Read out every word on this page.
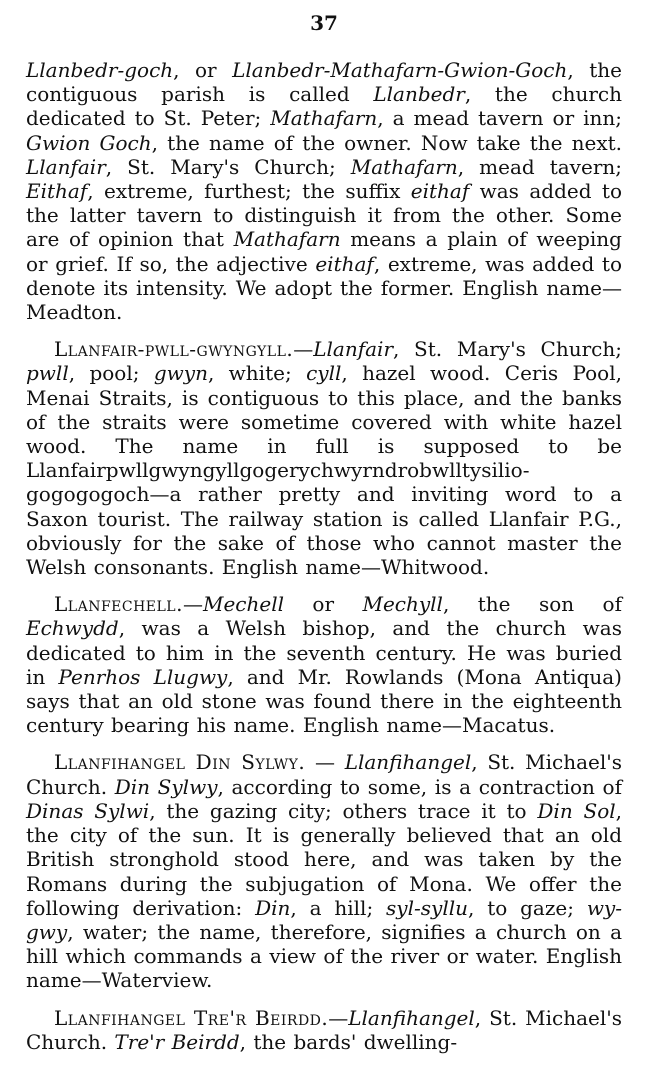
37

Llanbedr-goch, or Llanbedr-Mathafarn-Gwion-Goch, the contiguous parish is called Llanbedr, the church dedicated to St. Peter; Mathafarn, a mead tavern or inn; Gwion Goch, the name of the owner. Now take the next. Llanfair, St. Mary's Church; Mathafarn, mead tavern; Eithaf, extreme, furthest; the suffix eithaf was added to the latter tavern to distinguish it from the other. Some are of opinion that Mathafarn means a plain of weeping or grief. If so, the adjective eithaf, extreme, was added to denote its intensity. We adopt the former. English name—Meadton.

Llanfair-pwll-gwyngyll.—Llanfair, St. Mary's Church; pwll, pool; gwyn, white; cyll, hazel wood. Ceris Pool, Menai Straits, is contiguous to this place, and the banks of the straits were sometime covered with white hazel wood. The name in full is supposed to be Llanfairpwllgwyngyllgogerychwyrndrobwlltysiliogogogogoch—a rather pretty and inviting word to a Saxon tourist. The railway station is called Llanfair P.G., obviously for the sake of those who cannot master the Welsh consonants. English name—Whitwood.

Llanfechell.—Mechell or Mechyll, the son of Echwydd, was a Welsh bishop, and the church was dedicated to him in the seventh century. He was buried in Penrhos Llugwy, and Mr. Rowlands (Mona Antiqua) says that an old stone was found there in the eighteenth century bearing his name. English name—Macatus.

Llanfihangel Din Sylwy. — Llanfihangel, St. Michael's Church. Din Sylwy, according to some, is a contraction of Dinas Sylwi, the gazing city; others trace it to Din Sol, the city of the sun. It is generally believed that an old British stronghold stood here, and was taken by the Romans during the subjugation of Mona. We offer the following derivation: Din, a hill; syl-syllu, to gaze; wy-gwy, water; the name, therefore, signifies a church on a hill which commands a view of the river or water. English name—Waterview.

Llanfihangel Tre'r Beirdd.—Llanfihangel, St. Michael's Church. Tre'r Beirdd, the bards' dwelling-
